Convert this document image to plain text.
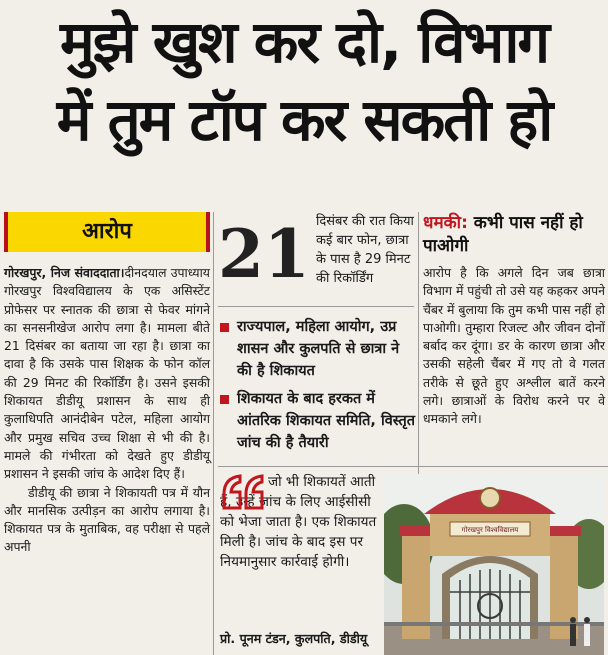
मुझे खुश कर दो, विभाग
में तुम टॉप कर सकती हो
आरोप

गोरखपुर, निज संवाददाता।दीनदयाल उपाध्याय गोरखपुर विश्वविद्यालय के एक असिस्टेंट प्रोफेसर पर स्नातक की छात्रा से फेवर मांगने का सनसनीखेज आरोप लगा है। मामला बीते 21 दिसंबर का बताया जा रहा है। छात्रा का दावा है कि उसके पास शिक्षक के फोन कॉल की 29 मिनट की रिकॉर्डिंग है। उसने इसकी शिकायत डीडीयू प्रशासन के साथ ही कुलाधिपति आनंदीबेन पटेल, महिला आयोग और प्रमुख सचिव उच्च शिक्षा से भी की है। मामले की गंभीरता को देखते हुए डीडीयू प्रशासन ने इसकी जांच के आदेश दिए हैं।

डीडीयू की छात्रा ने शिकायती पत्र में यौन और मानसिक उत्पीड़न का आरोप लगाया है। शिकायत पत्र के मुताबिक, वह परीक्षा से पहले अपनी

21 दिसंबर की रात किया कई बार फोन, छात्रा के पास है 29 मिनट की रिकॉर्डिंग
राज्यपाल, महिला आयोग, उप्र शासन और कुलपति से छात्रा ने की है शिकायत
शिकायत के बाद हरकत में आंतरिक शिकायत समिति, विस्तृत जांच की है तैयारी
धमकी: कभी पास नहीं हो पाओगी

आरोप है कि अगले दिन जब छात्रा विभाग में पहुंची तो उसे यह कहकर अपने चैंबर में बुलाया कि तुम कभी पास नहीं हो पाओगी। तुम्हारा रिजल्ट और जीवन दोनों बर्बाद कर दूंगा। डर के कारण छात्रा और उसकी सहेली चैंबर में गए तो वे गलत तरीके से छूते हुए अश्लील बातें करने लगे। छात्राओं के विरोध करने पर वे धमकाने लगे।

जो भी शिकायतें आती हैं, उन्हें जांच के लिए आईसीसी को भेजा जाता है। एक शिकायत मिली है। जांच के बाद इस पर नियमानुसार कार्रवाई होगी।

प्रो. पूनम टंडन, कुलपति, डीडीयू
गोरखपुर विश्वविद्यालय
